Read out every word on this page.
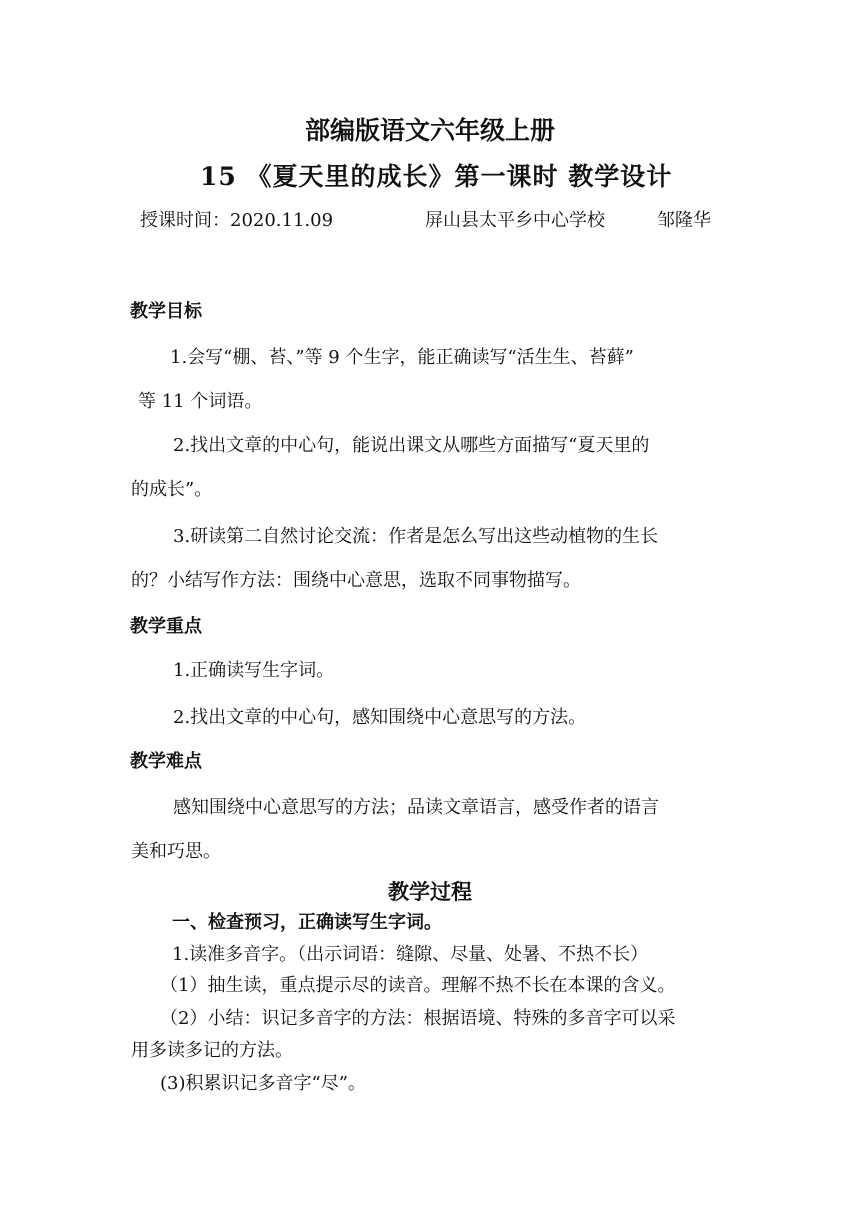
部编版语文六年级上册
15 《夏天里的成长》第一课时 教学设计
授课时间：2020.11.09	屏山县太平乡中心学校	邹隆华
教学目标
1.会写“棚、苔、”等 9 个生字，能正确读写“活生生、苔藓”
等 11 个词语。
2.找出文章的中心句，能说出课文从哪些方面描写“夏天里的
的成长”。
3.研读第二自然讨论交流：作者是怎么写出这些动植物的生长
的？小结写作方法：围绕中心意思，选取不同事物描写。
教学重点
1.正确读写生字词。
2.找出文章的中心句，感知围绕中心意思写的方法。
教学难点
感知围绕中心意思写的方法；品读文章语言，感受作者的语言
美和巧思。
教学过程
一、检查预习，正确读写生字词。
1.读准多音字。（出示词语：缝隙、尽量、处暑、不热不长）
（1）抽生读，重点提示尽的读音。理解不热不长在本课的含义。
（2）小结：识记多音字的方法：根据语境、特殊的多音字可以采
用多读多记的方法。
(3)积累识记多音字“尽”。
